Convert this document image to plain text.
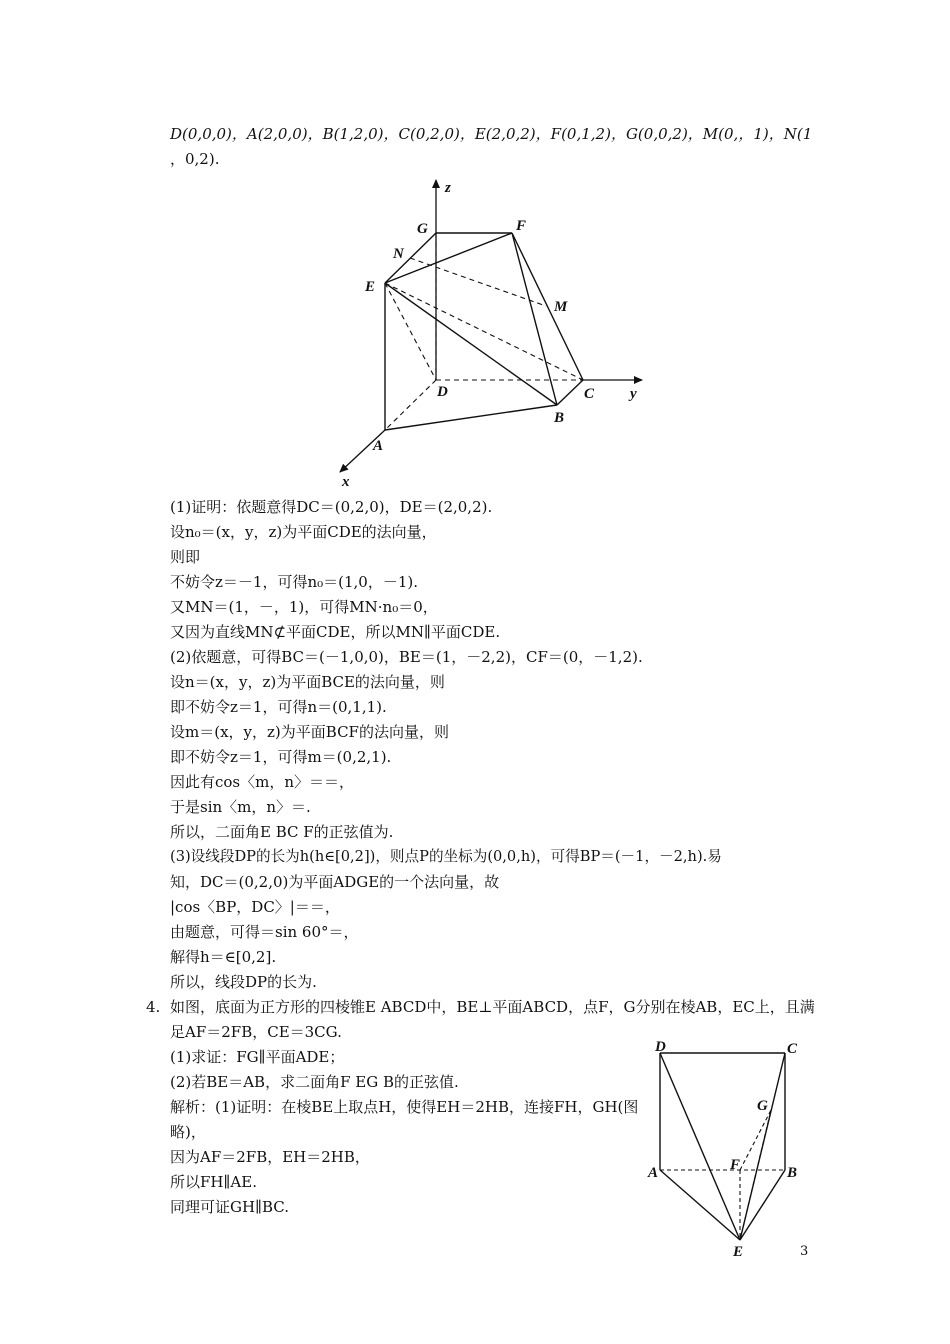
D(0,0,0)，A(2,0,0)，B(1,2,0)，C(0,2,0)，E(2,0,2)，F(0,1,2)，G(0,0,2)，M(0,，1)，N(1
，0,2).
z
G	F
N
E
M
D	C y
B
A
x
(1)证明：依题意得DC＝(0,2,0)，DE＝(2,0,2).
设n₀＝(x，y，z)为平面CDE的法向量，
则即
不妨令z＝－1，可得n₀＝(1,0，－1).
又MN＝(1，－，1)，可得MN·n₀＝0，
又因为直线MN⊄平面CDE，所以MN∥平面CDE.
(2)依题意，可得BC＝(－1,0,0)，BE＝(1，－2,2)，CF＝(0，－1,2).
设n＝(x，y，z)为平面BCE的法向量，则
即不妨令z＝1，可得n＝(0,1,1).
设m＝(x，y，z)为平面BCF的法向量，则
即不妨令z＝1，可得m＝(0,2,1).
因此有cos〈m，n〉＝＝，
于是sin〈m，n〉＝.
所以，二面角E BC F的正弦值为.
(3)设线段DP的长为h(h∈[0,2])，则点P的坐标为(0,0,h)，可得BP＝(－1，－2,h).易
知，DC＝(0,2,0)为平面ADGE的一个法向量，故
|cos〈BP，DC〉|＝＝，
由题意，可得＝sin 60°＝，
解得h＝∈[0,2].
所以，线段DP的长为.
4. 如图，底面为正方形的四棱锥E ABCD中，BE⊥平面ABCD，点F，G分别在棱AB，EC上，且满
足AF＝2FB，CE＝3CG.
(1)求证：FG∥平面ADE；
(2)若BE＝AB，求二面角F EG B的正弦值.
解析：(1)证明：在棱BE上取点H，使得EH＝2HB，连接FH，GH(图
略)，
因为AF＝2FB，EH＝2HB，
所以FH∥AE.
同理可证GH∥BC.
D	C
G
F
A	B
E	3
